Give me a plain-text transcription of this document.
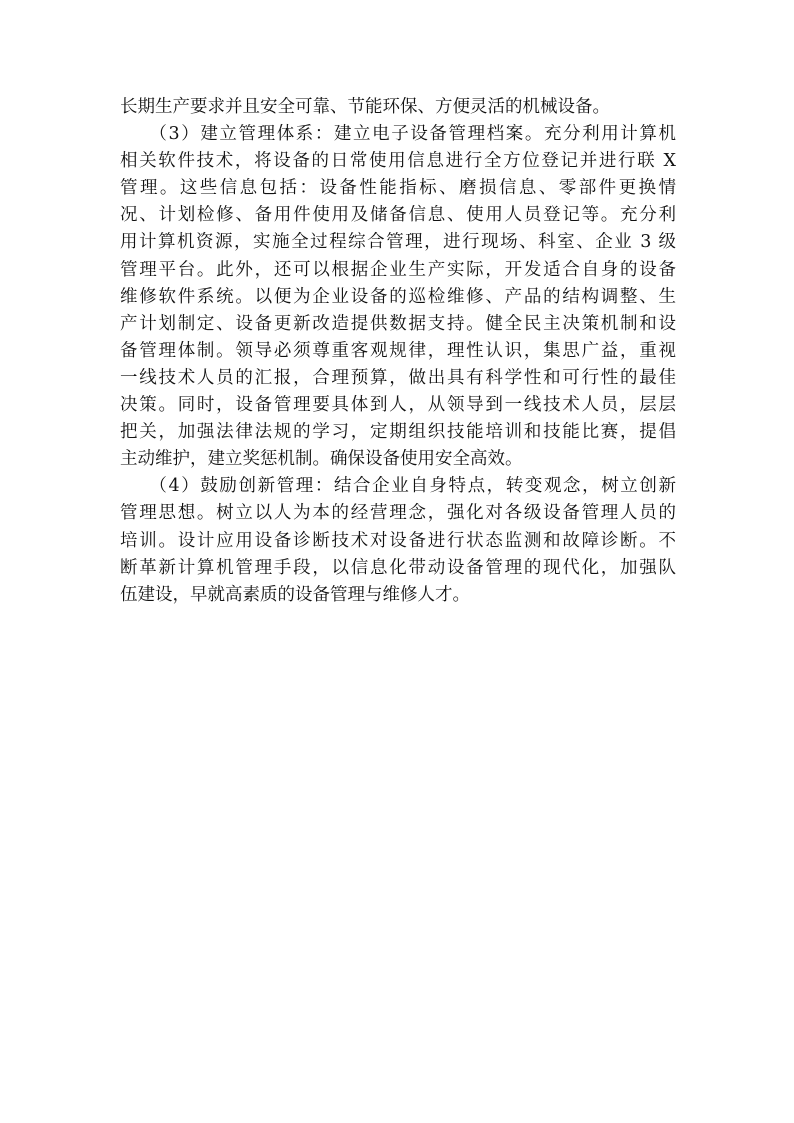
长期生产要求并且安全可靠、节能环保、方便灵活的机械设备。
　　（3）建立管理体系：建立电子设备管理档案。充分利用计算机
相关软件技术，将设备的日常使用信息进行全方位登记并进行联 X
管理。这些信息包括：设备性能指标、磨损信息、零部件更换情
况、计划检修、备用件使用及储备信息、使用人员登记等。充分利
用计算机资源，实施全过程综合管理，进行现场、科室、企业 3 级
管理平台。此外，还可以根据企业生产实际，开发适合自身的设备
维修软件系统。以便为企业设备的巡检维修、产品的结构调整、生
产计划制定、设备更新改造提供数据支持。健全民主决策机制和设
备管理体制。领导必须尊重客观规律，理性认识，集思广益，重视
一线技术人员的汇报，合理预算，做出具有科学性和可行性的最佳
决策。同时，设备管理要具体到人，从领导到一线技术人员，层层
把关，加强法律法规的学习，定期组织技能培训和技能比赛，提倡
主动维护，建立奖惩机制。确保设备使用安全高效。
　　（4）鼓励创新管理：结合企业自身特点，转变观念，树立创新
管理思想。树立以人为本的经营理念，强化对各级设备管理人员的
培训。设计应用设备诊断技术对设备进行状态监测和故障诊断。不
断革新计算机管理手段，以信息化带动设备管理的现代化，加强队
伍建设，早就高素质的设备管理与维修人才。
